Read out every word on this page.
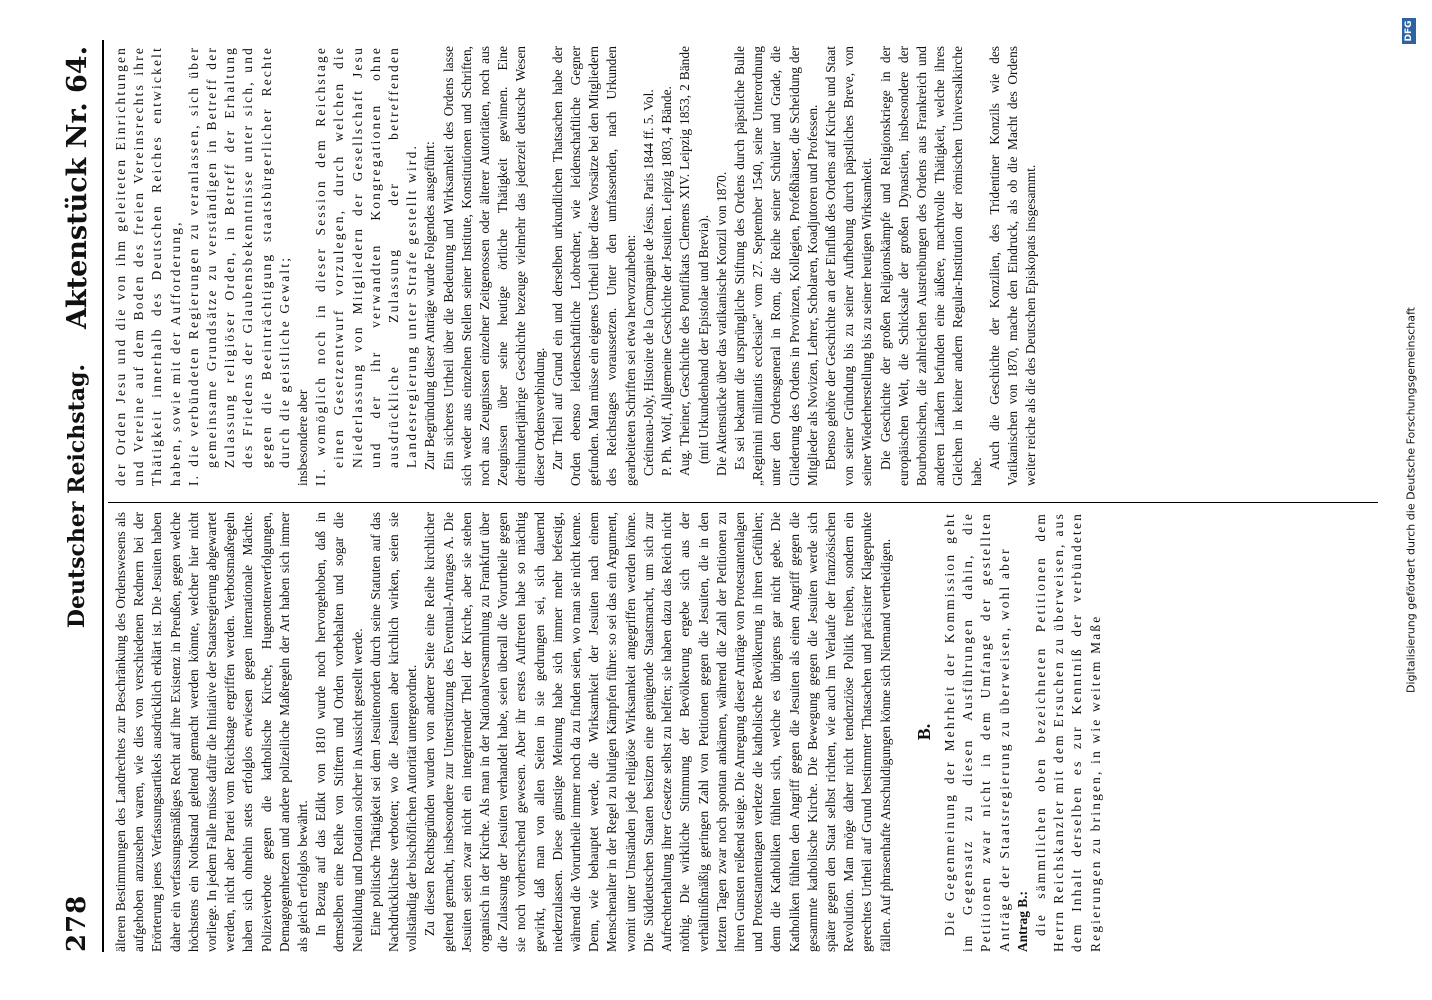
278
Deutscher Reichstag.
Aktenstück Nr. 64.

älteren Bestimmungen des Landrechtes zur Beschränkung des Ordenswesens als aufgehoben anzusehen waren, wie dies von verschiedenen Rednern bei der Erörterung jenes Verfassungsartikels ausdrücklich erklärt ist. Die Jesuiten haben daher ein verfassungsmäßiges Recht auf ihre Existenz in Preußen, gegen welche höchstens ein Nothstand geltend gemacht werden könnte, welcher hier nicht vorliege. In jedem Falle müsse dafür die Initiative der Staatsregierung abgewartet werden, nicht aber Partei vom Reichstage ergriffen werden. Verbotsmaßregeln haben sich ohnehin stets erfolglos erwiesen gegen internationale Mächte. Polizeiverbote gegen die katholische Kirche, Hugenottenverfolgungen, Demagogenhetzen und andere polizeiliche Maßregeln der Art haben sich immer als gleich erfolglos bewährt. In Bezug auf das Edikt von 1810 wurde noch hervorgehoben, daß in demselben eine Reihe von Stiftern und Orden vorbehalten und sogar die Neubildung und Dotation solcher in Aussicht gestellt werde. Eine politische Thätigkeit sei dem Jesuitenorden durch seine Statuten auf das Nachdrücklichste verboten; wo die Jesuiten aber kirchlich wirken, seien sie vollständig der bischöflichen Autorität untergeordnet. Zu diesen Rechtsgründen wurden von anderer Seite eine Reihe kirchlicher geltend gemacht, insbesondere zur Unterstützung des Eventual-Antrages A. Die Jesuiten seien zwar nicht ein integrirender Theil der Kirche, aber sie stehen organisch in der Kirche. Als man in der Nationalversammlung zu Frankfurt über die Zulassung der Jesuiten verhandelt habe, seien überall die Vorurtheile gegen sie noch vorherrschend gewesen. Aber ihr erstes Auftreten habe so mächtig gewirkt, daß man von allen Seiten in sie gedrungen sei, sich dauernd niederzulassen. Diese günstige Meinung habe sich immer mehr befestigt, während die Vorurtheile immer noch da zu finden seien, wo man sie nicht kenne. Denn, wie behauptet werde, die Wirksamkeit der Jesuiten nach einem Menschenalter in der Regel zu blutigen Kämpfen führe: so sei das ein Argument, womit unter Umständen jede religiöse Wirksamkeit angegriffen werden könne. Die Süddeutschen Staaten besitzen eine genügende Staatsmacht, um sich zur Aufrechterhaltung ihrer Gesetze selbst zu helfen; sie haben dazu das Reich nicht nöthig. Die wirkliche Stimmung der Bevölkerung ergebe sich aus der verhältnißmäßig geringen Zahl von Petitionen gegen die Jesuiten, die in den letzten Tagen zwar noch spontan ankämen, während die Zahl der Petitionen zu ihren Gunsten reißend steige. Die Anregung dieser Anträge von Protestantenlagen und Protestantentagen verletze die katholische Bevölkerung in ihren Gefühlen; denn die Katholiken fühlten sich, welche es übrigens gar nicht gebe. Die Katholiken fühlten den Angriff gegen die Jesuiten als einen Angriff gegen die gesammte katholische Kirche. Die Bewegung gegen die Jesuiten werde sich später gegen den Staat selbst richten, wie auch im Verlaufe der französischen Revolution. Man möge daher nicht tendenziöse Politik treiben, sondern ein gerechtes Urtheil auf Grund bestimmter Thatsachen und präcisirter Klagepunkte fällen. Auf phrasenhafte Anschuldigungen könne sich Niemand vertheidigen. B. Die Gegenmeinung der Mehrheit der Kommission geht im Gegensatz zu diesen Ausführungen dahin, die Petitionen zwar nicht in dem Umfange der gestellten Anträge der Staatsregierung zu überweisen, wohl aber Antrag B.: die sämmtlichen oben bezeichneten Petitionen dem Herrn Reichskanzler mit dem Ersuchen zu überweisen, aus dem Inhalt derselben es zur Kenntniß der verbündeten Regierungen zu bringen, in wie weitem Maße

der Orden Jesu und die von ihm geleiteten Einrichtungen und Vereine auf dem Boden des freien Vereinsrechts ihre Thätigkeit innerhalb des Deutschen Reiches entwickelt haben, sowie mit der Aufforderung, I. die verbündeten Regierungen zu veranlassen, sich über gemeinsame Grundsätze zu verständigen in Betreff der Zulassung religiöser Orden, in Betreff der Erhaltung des Friedens der Glaubensbekenntnisse unter sich, und gegen die Beeinträchtigung staatsbürgerlicher Rechte durch die geistliche Gewalt; insbesondere aber II. womöglich noch in dieser Session dem Reichstage einen Gesetzentwurf vorzulegen, durch welchen die Niederlassung von Mitgliedern der Gesellschaft Jesu und der ihr verwandten Kongregationen ohne ausdrückliche Zulassung der betreffenden Landesregierung unter Strafe gestellt wird. Zur Begründung dieser Anträge wurde Folgendes ausgeführt: Ein sicheres Urtheil über die Bedeutung und Wirksamkeit des Ordens lasse sich weder aus einzelnen Stellen seiner Institute, Konstitutionen und Schriften, noch aus Zeugnissen einzelner Zeitgenossen oder älterer Autoritäten, noch aus Zeugnissen über seine heutige örtliche Thätigkeit gewinnen. Eine dreihundertjährige Geschichte bezeuge vielmehr das jederzeit deutsche Wesen dieser Ordensverbindung. Zur Theil auf Grund ein und derselben urkundlichen Thatsachen habe der Orden ebenso leidenschaftliche Lobredner, wie leidenschaftliche Gegner gefunden. Man müsse ein eigenes Urtheil über diese Vorsätze bei den Mitgliedern des Reichstages voraussetzen. Unter den umfassenden, nach Urkunden gearbeiteten Schriften sei etwa hervorzuheben: Crétineau-Joly, Histoire de la Compagnie de Jésus. Paris 1844 ff. 5. Vol. P. Ph. Wolf, Allgemeine Geschichte der Jesuiten. Leipzig 1803, 4 Bände. Aug. Theiner, Geschichte des Pontifikats Clemens XIV. Leipzig 1853, 2 Bände (mit Urkundenband der Epistolae und Brevia). Die Aktenstücke über das vatikanische Konzil von 1870. Es sei bekannt die ursprüngliche Stiftung des Ordens durch päpstliche Bulle „Regimini militantis ecclesiae" vom 27. September 1540, seine Unterordnung unter den Ordensgeneral in Rom, die Reihe seiner Schüler und Grade, die Gliederung des Ordens in Provinzen, Kollegien, Profeßhäuser, die Scheidung der Mitglieder als Novizen, Lehrer, Scholaren, Koadjutoren und Professen. Ebenso gehöre der Geschichte an der Einfluß des Ordens auf Kirche und Staat von seiner Gründung bis zu seiner Aufhebung durch päpstliches Breve, von seiner Wiederherstellung bis zu seiner heutigen Wirksamkeit. Die Geschichte der großen Religionskämpfe und Religionskriege in der europäischen Welt, die Schicksale der großen Dynastien, insbesondere der Bourbonischen, die zahlreichen Austreibungen des Ordens aus Frankreich und anderen Ländern befunden eine äußere, machtvolle Thätigkeit, welche ihres Gleichen in keiner andern Regular-Institution der römischen Universalkirche habe.

Auch die Geschichte der Konzilien, des Tridentiner Konzils wie des Vatikanischen von 1870, mache den Eindruck, als ob die Macht des Ordens weiter reiche als die des Deutschen Episkopats insgesammt.

DFG
Digitalisierung gefördert durch die Deutsche Forschungsgemeinschaft
